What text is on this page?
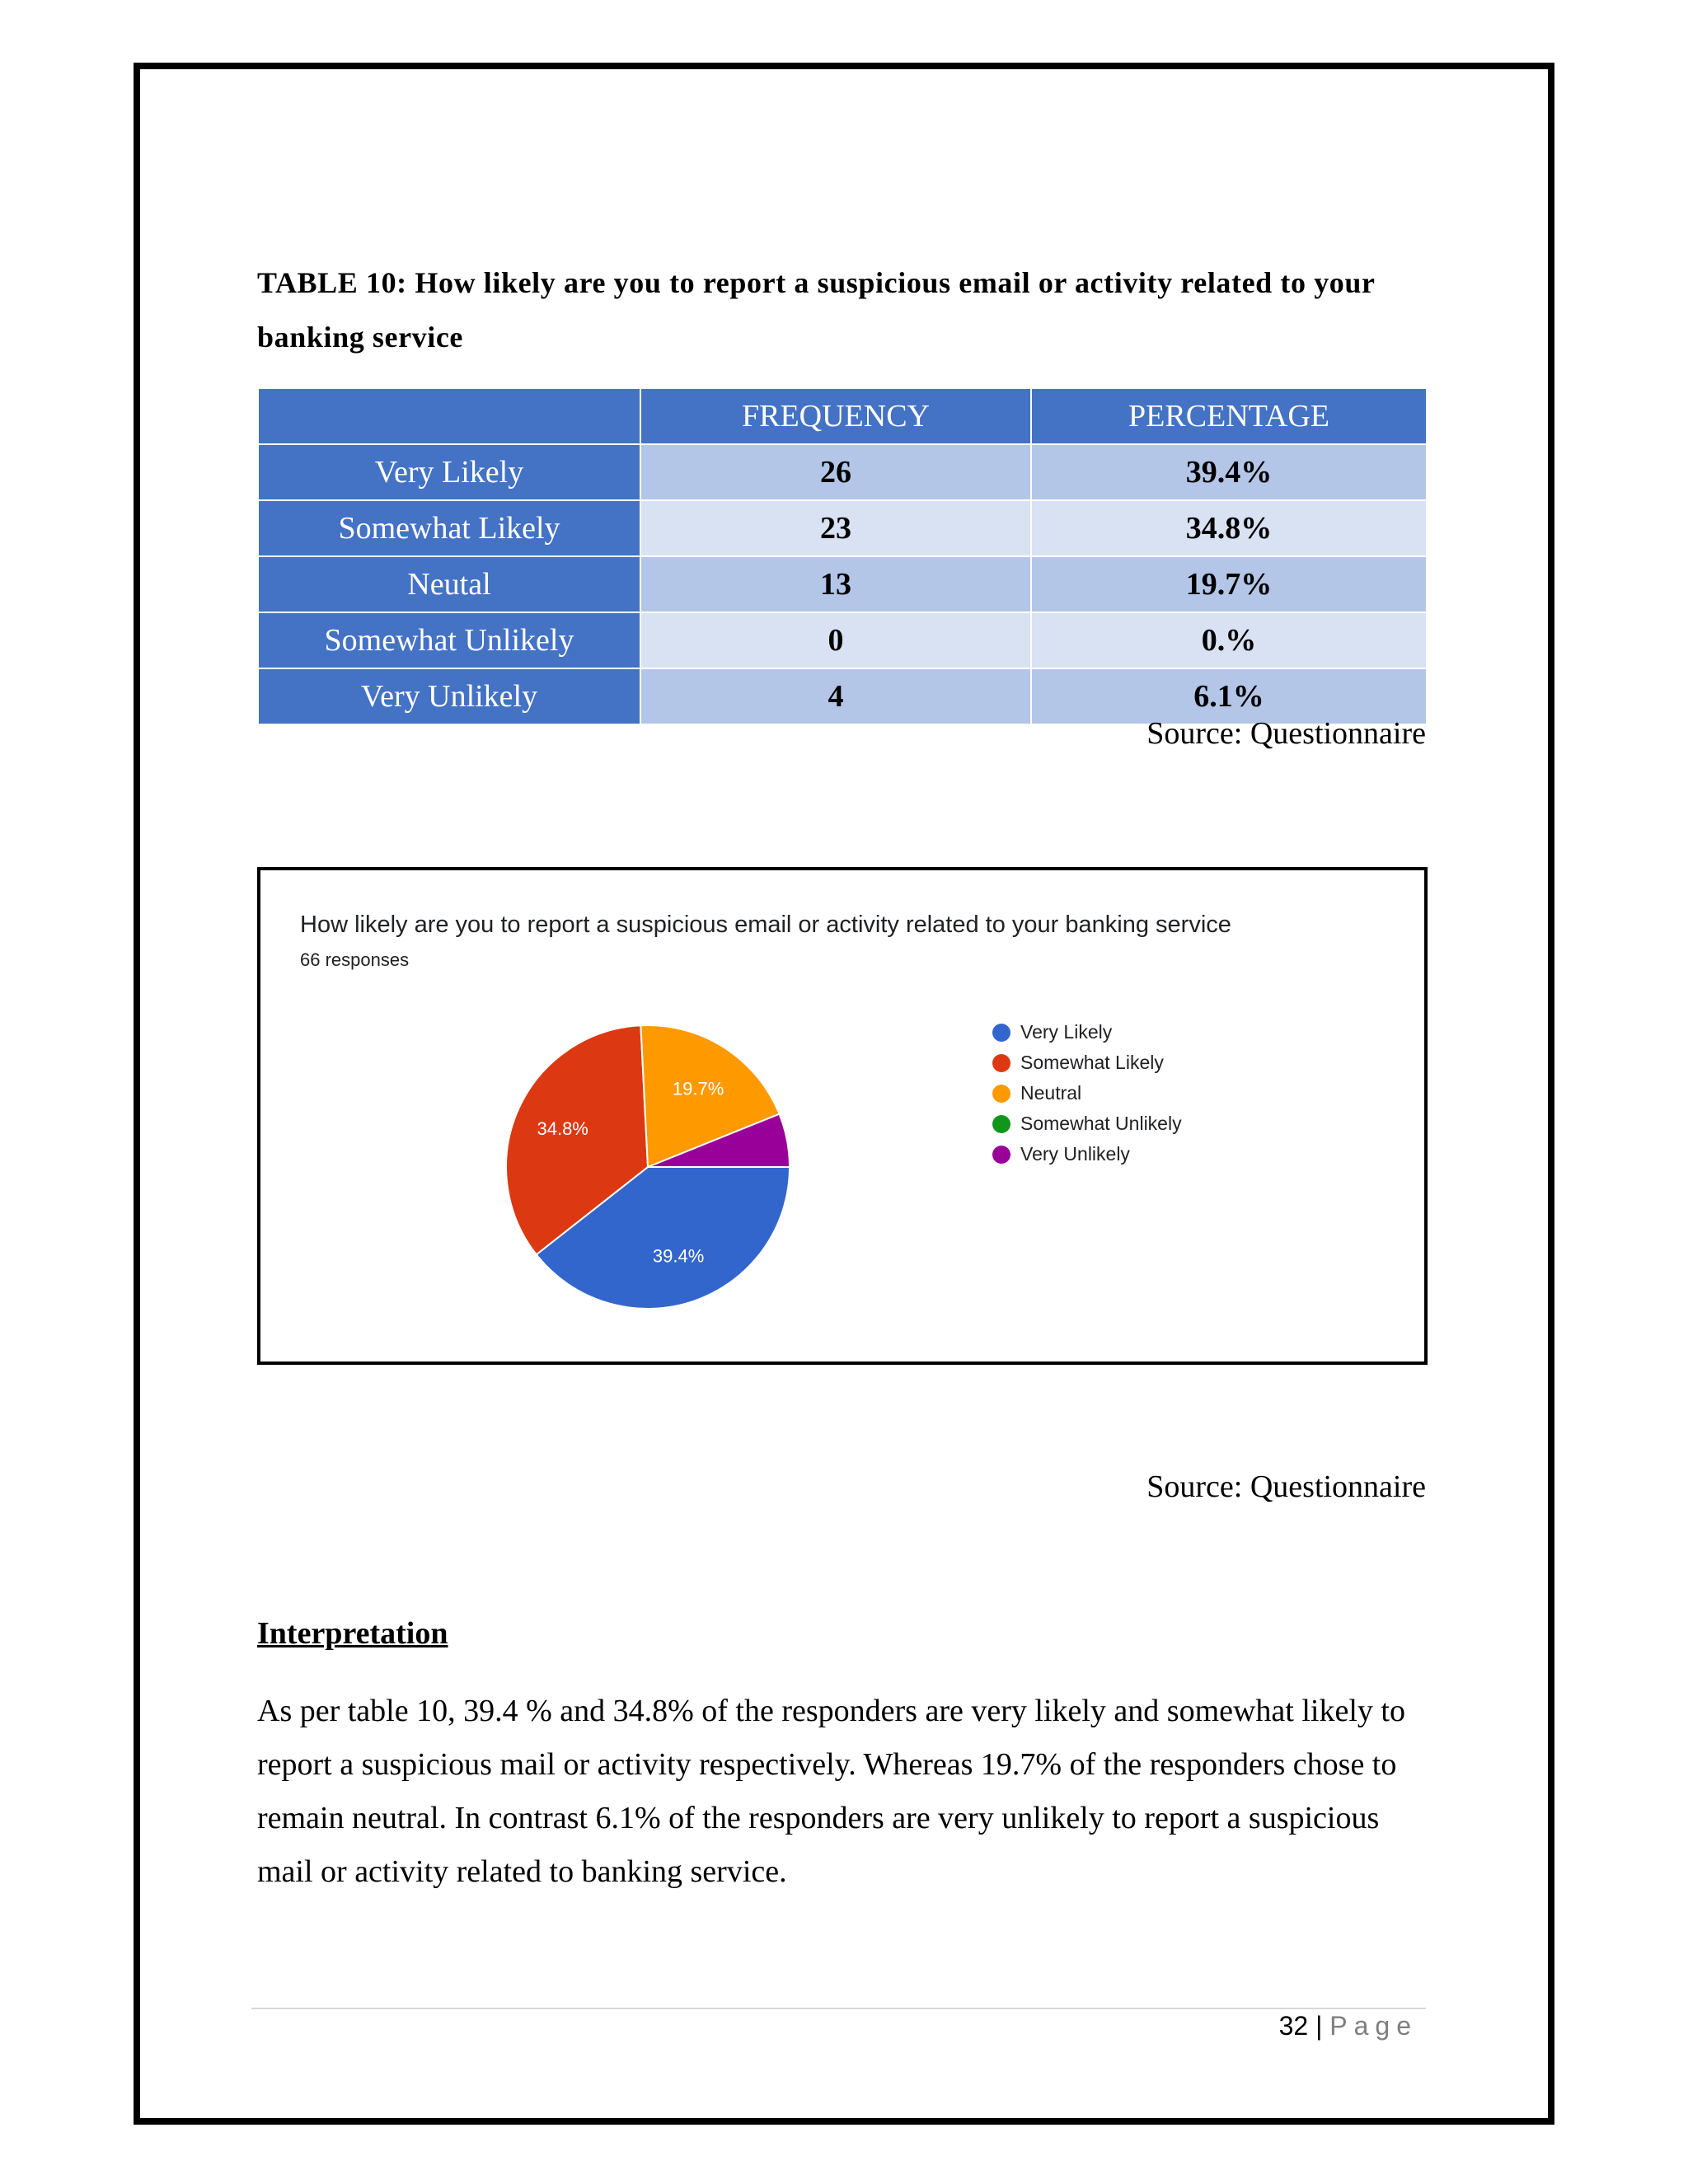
TABLE 10: How likely are you to report a suspicious email or activity related to your banking service
	FREQUENCY	PERCENTAGE
Very Likely	26	39.4%
Somewhat Likely	23	34.8%
Neutal	13	19.7%
Somewhat Unlikely	0	0.%
Very Unlikely	4	6.1%
Source: Questionnaire
How likely are you to report a suspicious email or activity related to your banking service
66 responses
39.4%
34.8%
19.7%
Very Likely
Somewhat Likely
Neutral
Somewhat Unlikely
Very Unlikely
Source: Questionnaire
Interpretation
As per table 10, 39.4 % and 34.8% of the responders are very likely and somewhat likely to report a suspicious mail or activity respectively. Whereas 19.7% of the responders chose to remain neutral. In contrast 6.1% of the responders are very unlikely to report a suspicious mail or activity related to banking service.
32 | Page
